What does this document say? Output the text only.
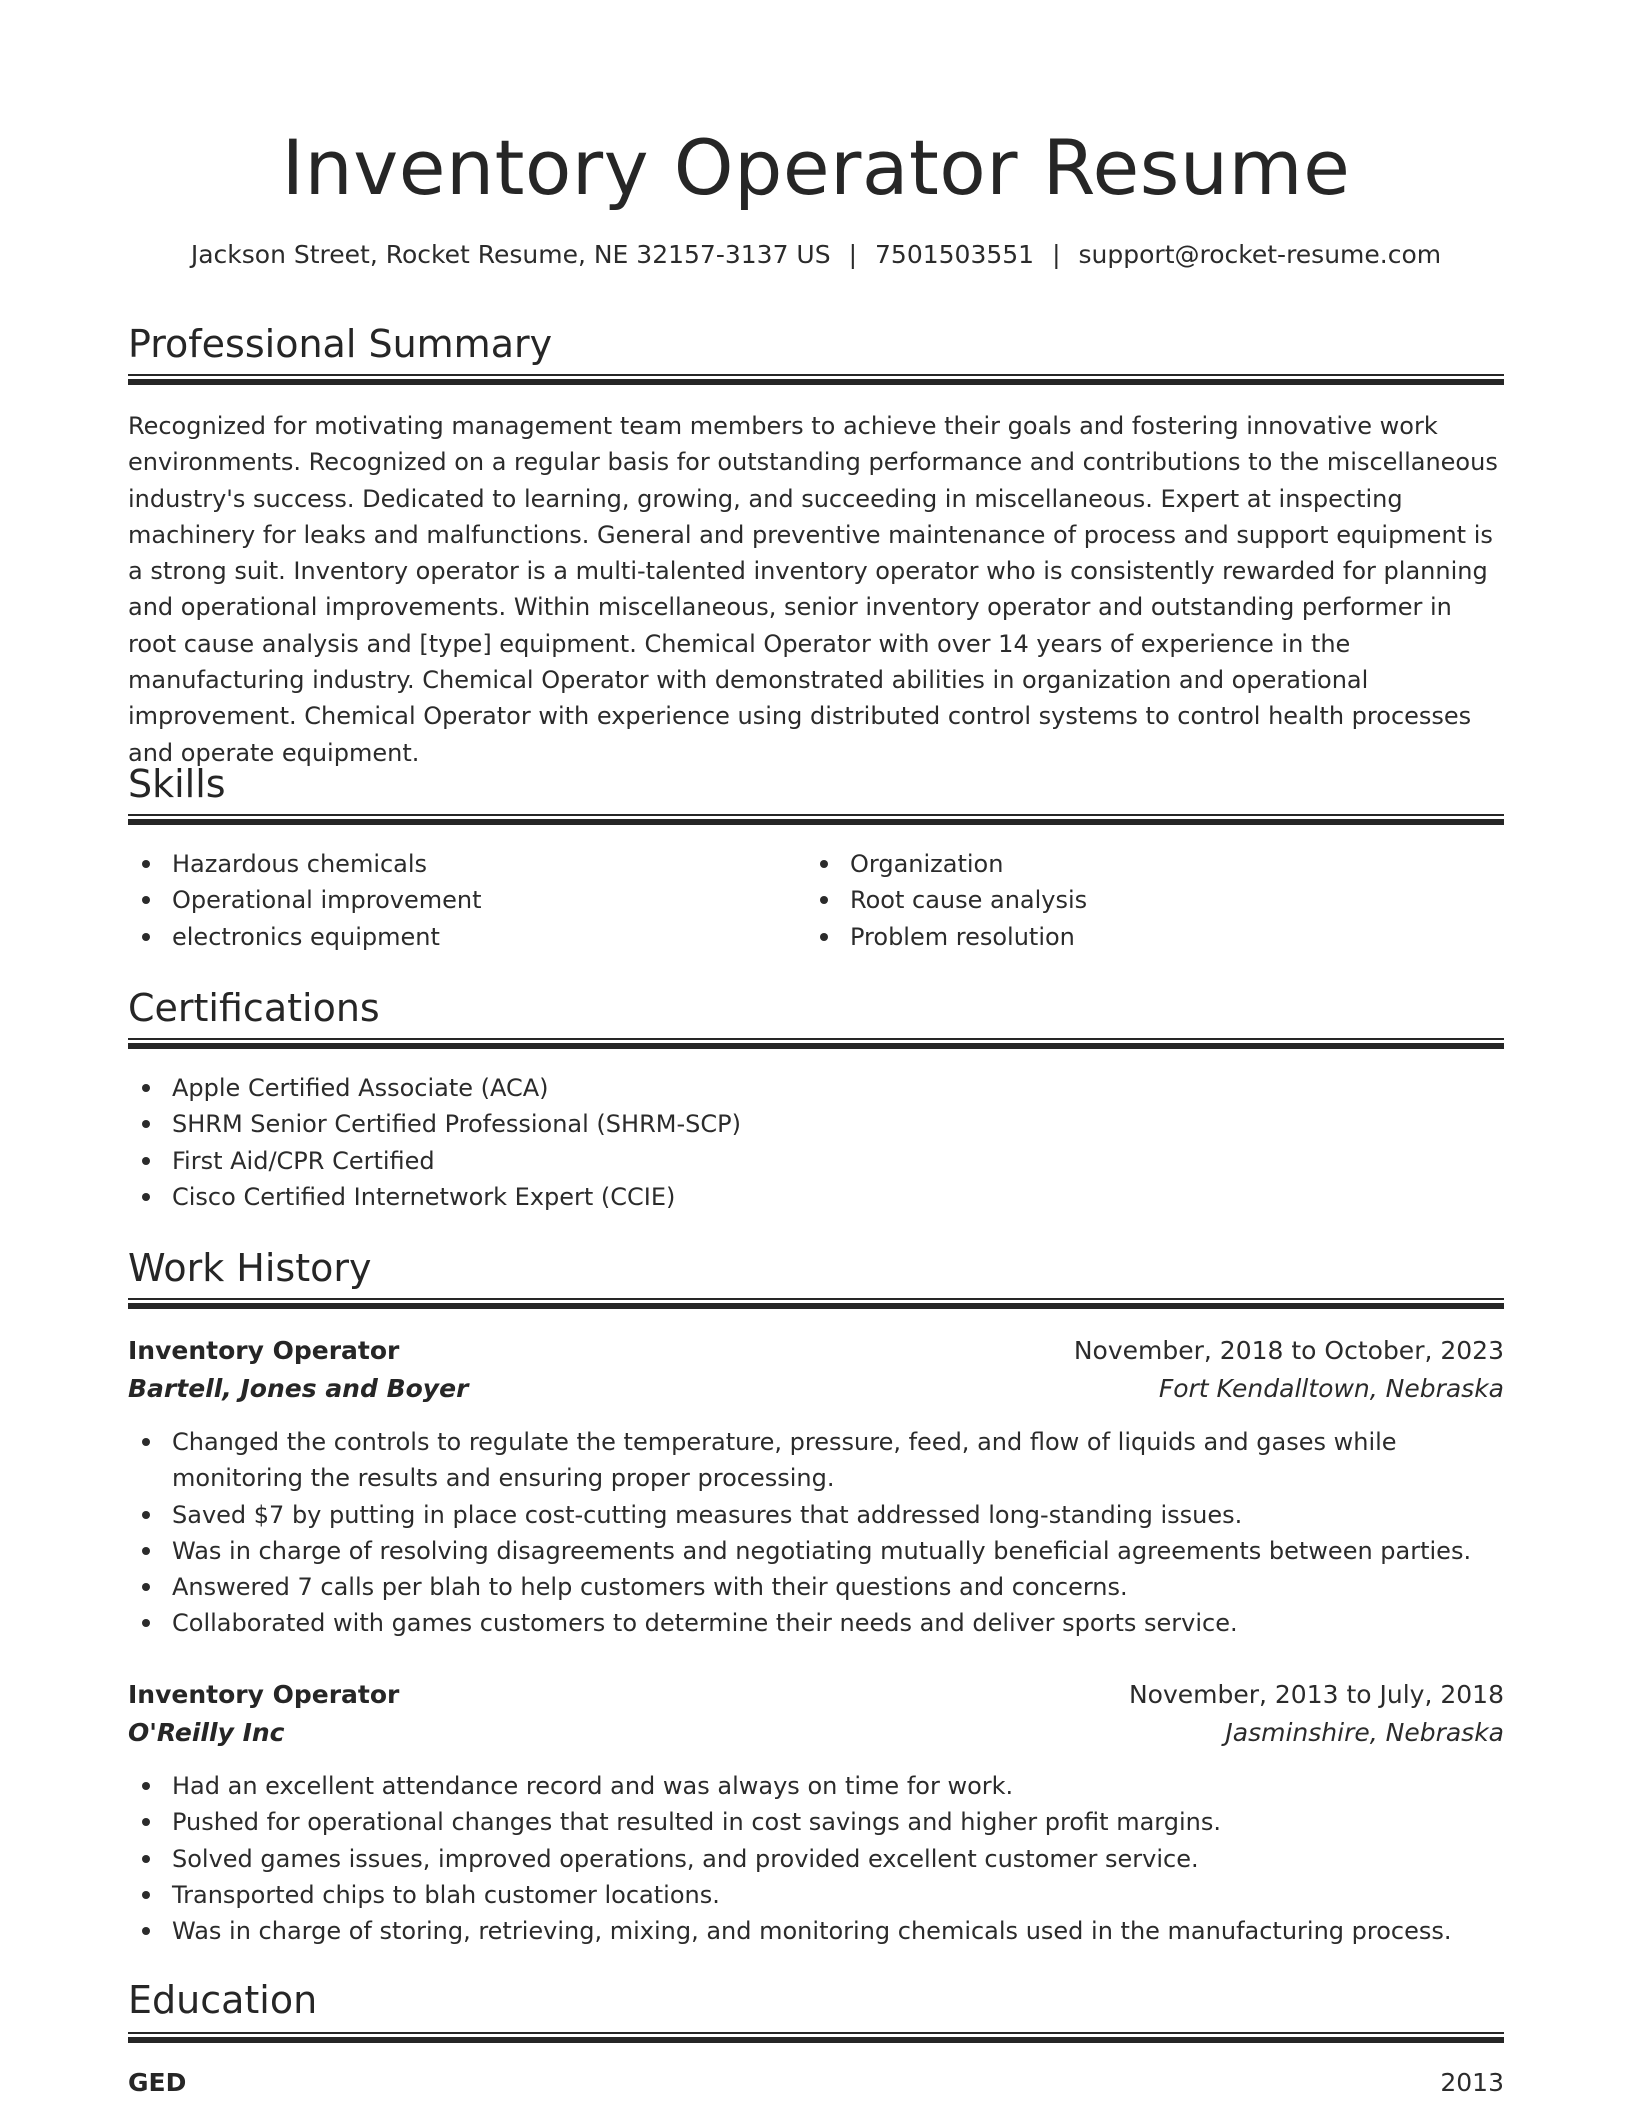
Inventory Operator Resume
Jackson Street, Rocket Resume, NE 32157-3137 US | 7501503551 | support@rocket-resume.com
Professional Summary

Recognized for motivating management team members to achieve their goals and fostering innovative work environments. Recognized on a regular basis for outstanding performance and contributions to the miscellaneous industry's success. Dedicated to learning, growing, and succeeding in miscellaneous. Expert at inspecting machinery for leaks and malfunctions. General and preventive maintenance of process and support equipment is a strong suit. Inventory operator is a multi-talented inventory operator who is consistently rewarded for planning and operational improvements. Within miscellaneous, senior inventory operator and outstanding performer in root cause analysis and [type] equipment. Chemical Operator with over 14 years of experience in the manufacturing industry. Chemical Operator with demonstrated abilities in organization and operational improvement. Chemical Operator with experience using distributed control systems to control health processes and operate equipment.

Skills
Hazardous chemicals
Operational improvement
electronics equipment
Organization
Root cause analysis
Problem resolution
Certifications
Apple Certified Associate (ACA)
SHRM Senior Certified Professional (SHRM-SCP)
First Aid/CPR Certified
Cisco Certified Internetwork Expert (CCIE)
Work History
Inventory Operator	November, 2018 to October, 2023
Bartell, Jones and Boyer	Fort Kendalltown, Nebraska
Changed the controls to regulate the temperature, pressure, feed, and flow of liquids and gases while monitoring the results and ensuring proper processing.
Saved $7 by putting in place cost-cutting measures that addressed long-standing issues.
Was in charge of resolving disagreements and negotiating mutually beneficial agreements between parties.
Answered 7 calls per blah to help customers with their questions and concerns.
Collaborated with games customers to determine their needs and deliver sports service.
Inventory Operator	November, 2013 to July, 2018
O'Reilly Inc	Jasminshire, Nebraska
Had an excellent attendance record and was always on time for work.
Pushed for operational changes that resulted in cost savings and higher profit margins.
Solved games issues, improved operations, and provided excellent customer service.
Transported chips to blah customer locations.
Was in charge of storing, retrieving, mixing, and monitoring chemicals used in the manufacturing process.
Education
GED	2013
